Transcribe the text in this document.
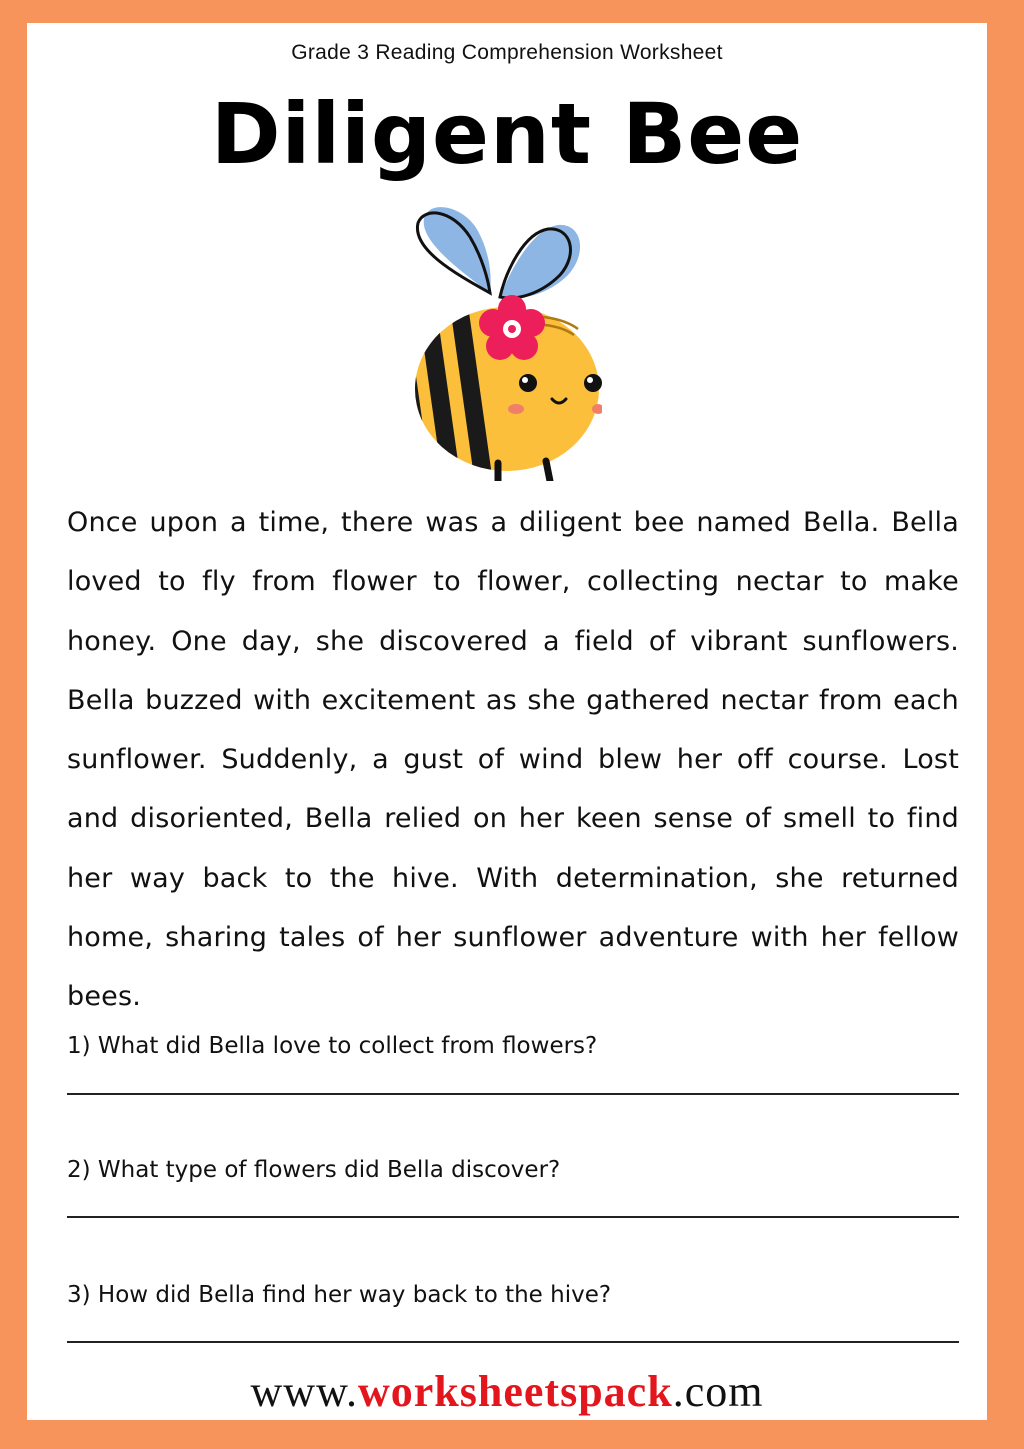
Grade 3 Reading Comprehension Worksheet
Diligent Bee
Once upon a time, there was a diligent bee named Bella. Bella loved to fly from flower to flower, collecting nectar to make honey. One day, she discovered a field of vibrant sunflowers. Bella buzzed with excitement as she gathered nectar from each sunflower. Suddenly, a gust of wind blew her off course. Lost and disoriented, Bella relied on her keen sense of smell to find her way back to the hive. With determination, she returned home, sharing tales of her sunflower adventure with her fellow bees.
1) What did Bella love to collect from flowers?
2) What type of flowers did Bella discover?
3) How did Bella find her way back to the hive?
www.worksheetspack.com
